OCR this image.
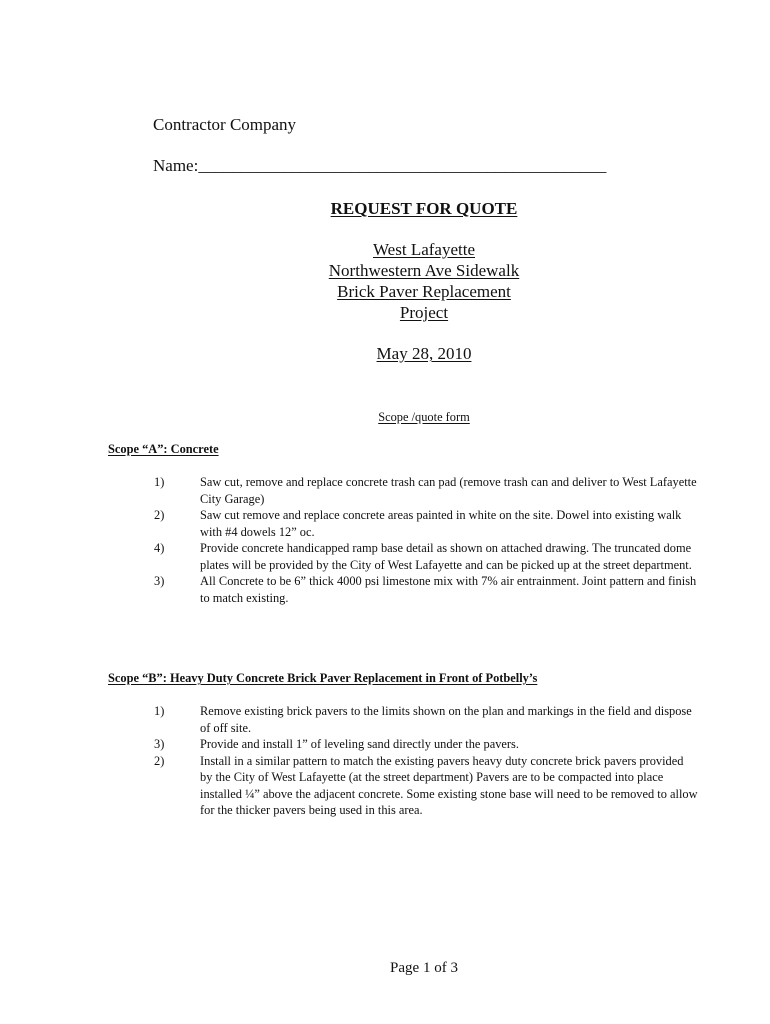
Contractor Company
Name:________________________________________________
REQUEST FOR QUOTE
West Lafayette
Northwestern Ave Sidewalk
Brick Paver Replacement
Project
May 28, 2010
Scope /quote form
Scope “A”: Concrete
1)	Saw cut, remove and replace concrete trash can pad (remove trash can and deliver to West Lafayette City Garage)
2)	Saw cut remove and replace concrete areas painted in white on the site. Dowel into existing walk with #4 dowels 12” oc.
4)	Provide concrete handicapped ramp base detail as shown on attached drawing. The truncated dome plates will be provided by the City of West Lafayette and can be picked up at the street department.
3)	All Concrete to be 6” thick 4000 psi limestone mix with 7% air entrainment. Joint pattern and finish to match existing.
Scope “B”: Heavy Duty Concrete Brick Paver Replacement in Front of Potbelly’s
1)	Remove existing brick pavers to the limits shown on the plan and markings in the field and dispose of off site.
3)	Provide and install 1” of leveling sand directly under the pavers.
2)	Install in a similar pattern to match the existing pavers heavy duty concrete brick pavers provided by the City of West Lafayette (at the street department) Pavers are to be compacted into place installed ¼” above the adjacent concrete. Some existing stone base will need to be removed to allow for the thicker pavers being used in this area.
Page 1 of 3
